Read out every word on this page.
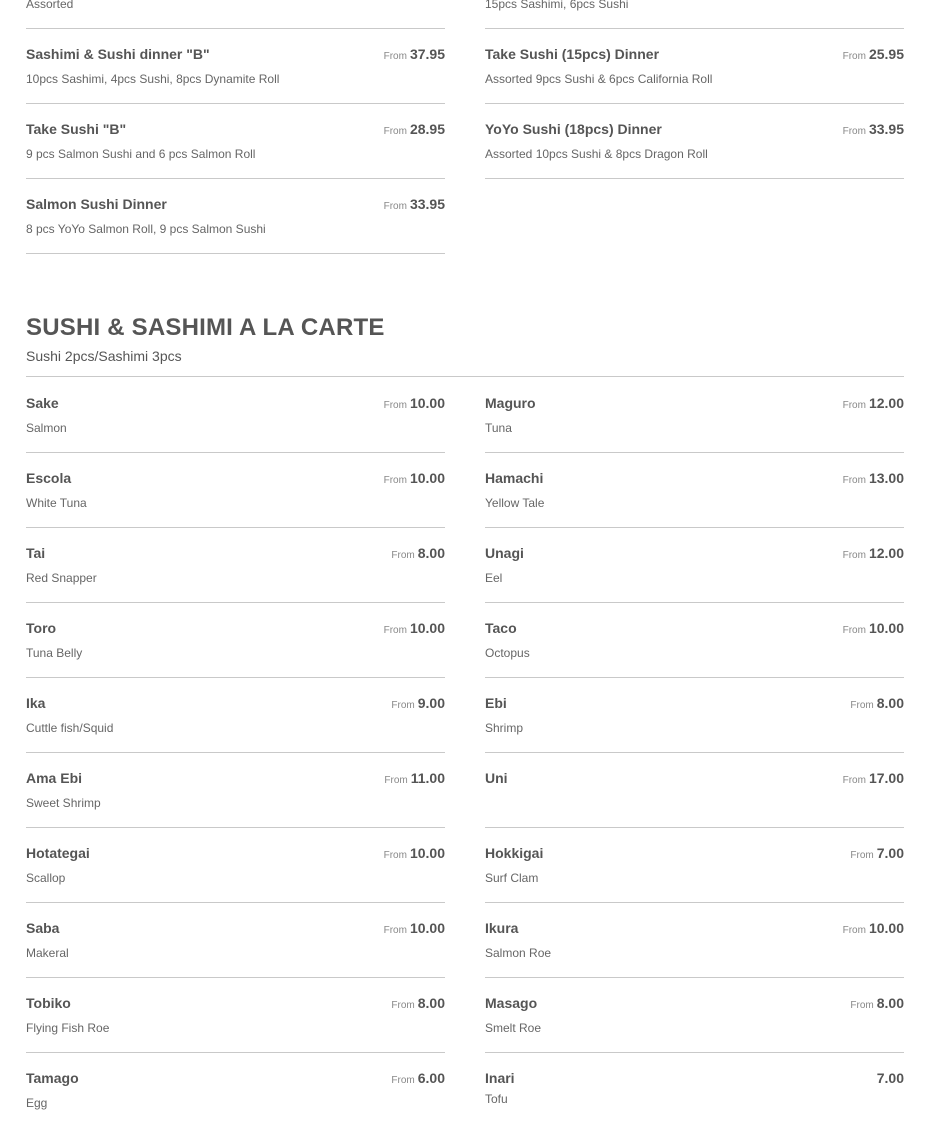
Assorted	15pcs Sashimi, 6pcs Sushi
Sashimi & Sushi dinner "B"	From 37.95
10pcs Sashimi, 4pcs Sushi, 8pcs Dynamite Roll
Take Sushi (15pcs) Dinner	From 25.95
Assorted 9pcs Sushi & 6pcs California Roll
Take Sushi "B"	From 28.95
9 pcs Salmon Sushi and 6 pcs Salmon Roll
YoYo Sushi (18pcs) Dinner	From 33.95
Assorted 10pcs Sushi & 8pcs Dragon Roll
Salmon Sushi Dinner	From 33.95
8 pcs YoYo Salmon Roll, 9 pcs Salmon Sushi
SUSHI & SASHIMI A LA CARTE
Sushi 2pcs/Sashimi 3pcs
Sake	From 10.00
Salmon
Escola	From 10.00
White Tuna
Tai	From 8.00
Red Snapper
Toro	From 10.00
Tuna Belly
Ika	From 9.00
Cuttle fish/Squid
Ama Ebi	From 11.00
Sweet Shrimp
Hotategai	From 10.00
Scallop
Saba	From 10.00
Makeral
Tobiko	From 8.00
Flying Fish Roe
Tamago	From 6.00
Egg
Maguro	From 12.00
Tuna
Hamachi	From 13.00
Yellow Tale
Unagi	From 12.00
Eel
Taco	From 10.00
Octopus
Ebi	From 8.00
Shrimp
Uni	From 17.00
Hokkigai	From 7.00
Surf Clam
Ikura	From 10.00
Salmon Roe
Masago	From 8.00
Smelt Roe
Inari	7.00
Tofu
